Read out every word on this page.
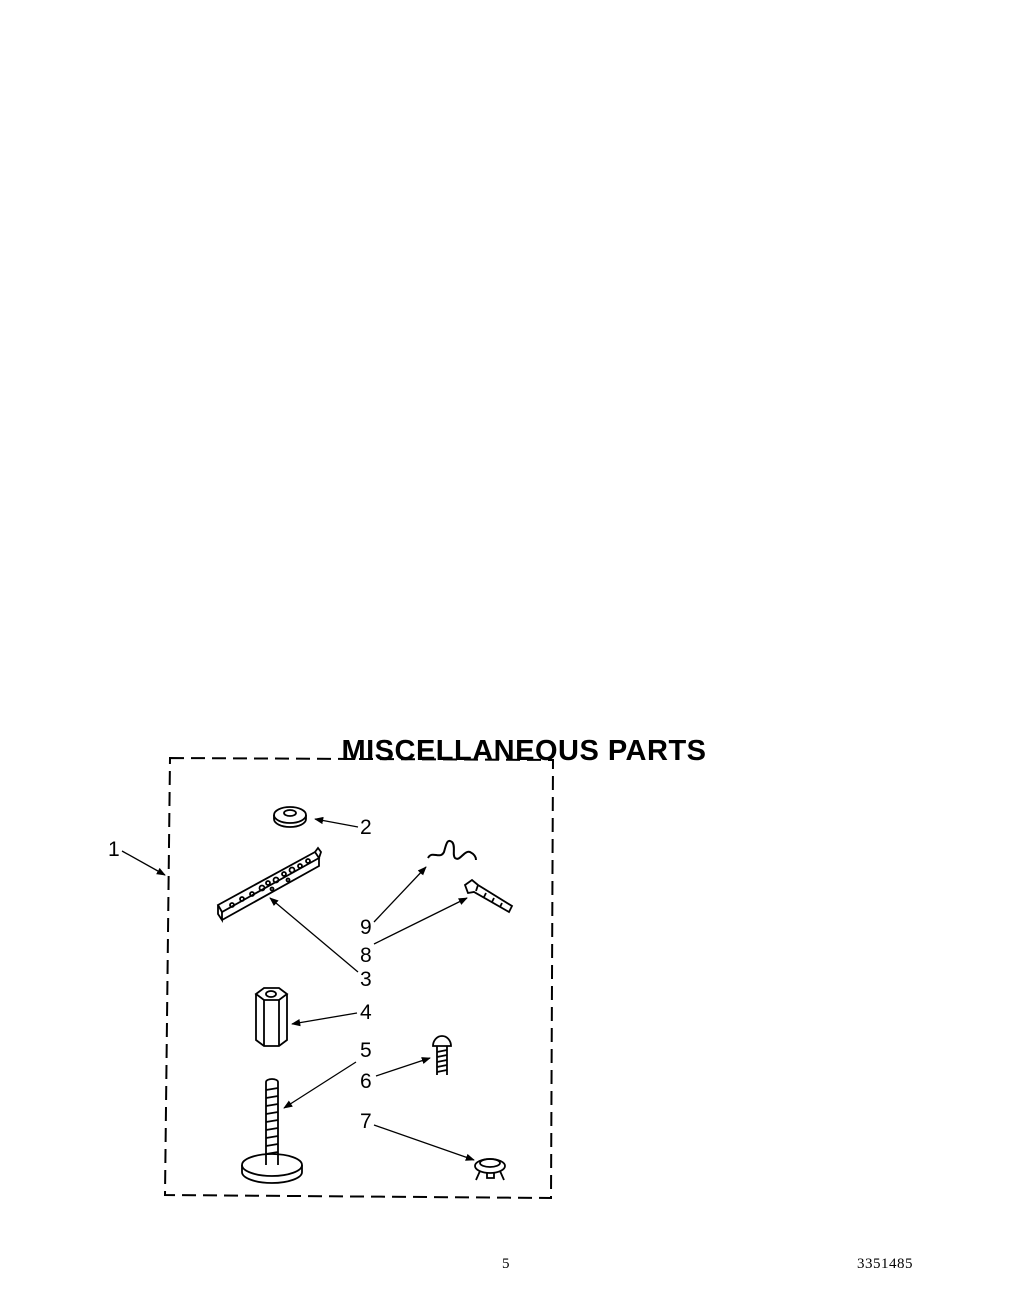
MISCELLANEOUS PARTS
1
2
3
4
5
6
7
8
9
5	3351485
